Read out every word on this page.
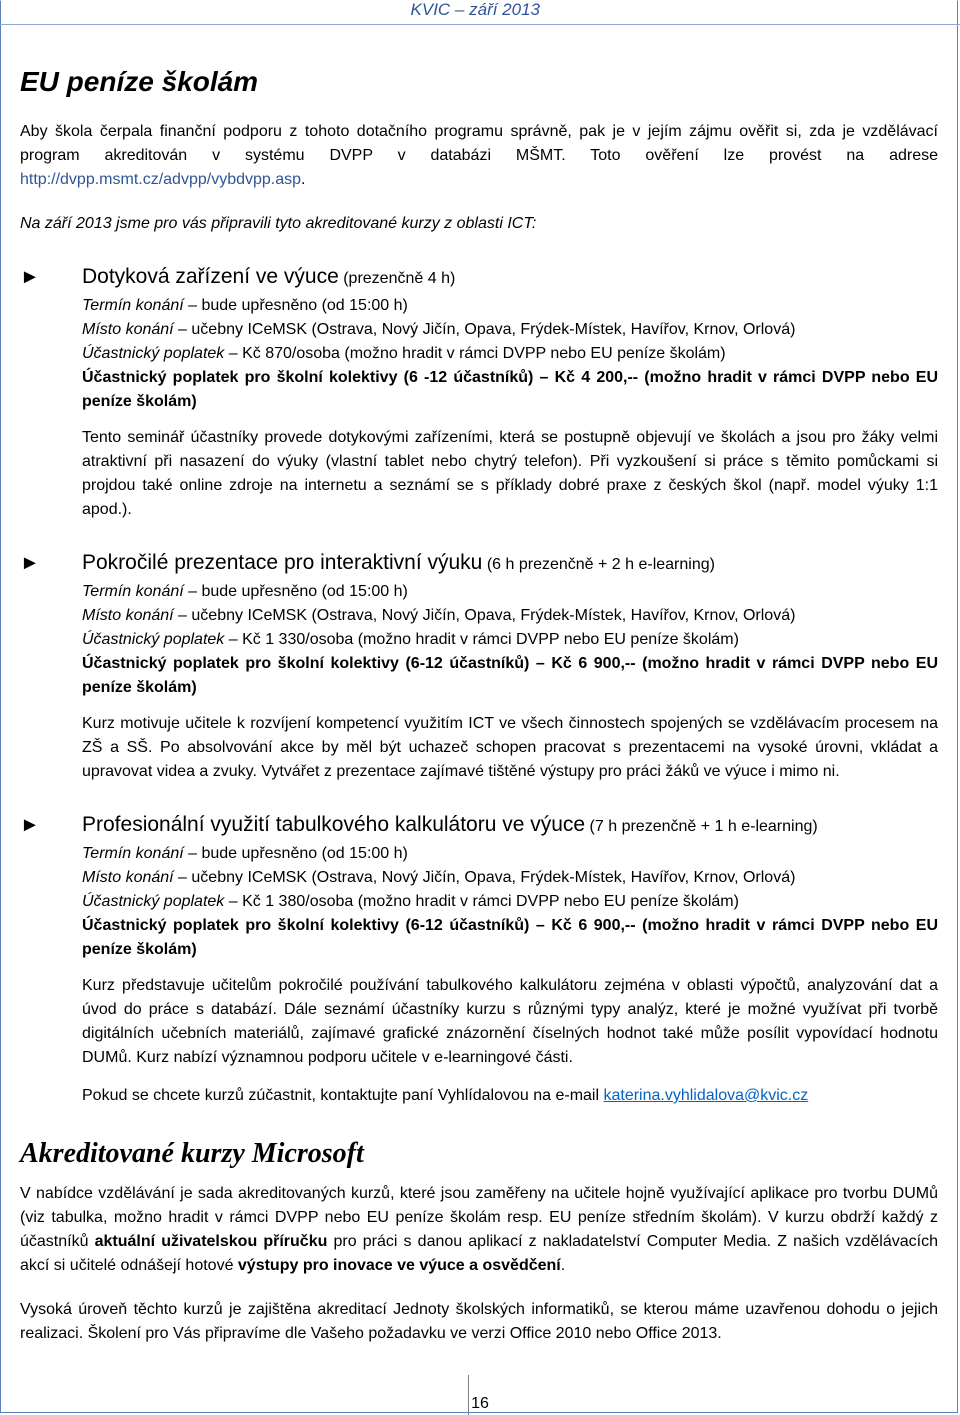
KVIC – září 2013
EU peníze školám

Aby škola čerpala finanční podporu z tohoto dotačního programu správně, pak je v jejím zájmu ověřit si, zda je vzdělávací program akreditován v systému DVPP v databázi MŠMT. Toto ověření lze provést na adrese http://dvpp.msmt.cz/advpp/vybdvpp.asp.

Na září 2013 jsme pro vás připravili tyto akreditované kurzy z oblasti ICT:

► Dotyková zařízení ve výuce (prezenčně 4 h)

Termín konání – bude upřesněno (od 15:00 h)

Místo konání – učebny ICeMSK (Ostrava, Nový Jičín, Opava, Frýdek-Místek, Havířov, Krnov, Orlová)

Účastnický poplatek – Kč 870/osoba (možno hradit v rámci DVPP nebo EU peníze školám)

Účastnický poplatek pro školní kolektivy (6 -12 účastníků) – Kč 4 200,-- (možno hradit v rámci DVPP nebo EU peníze školám)

Tento seminář účastníky provede dotykovými zařízeními, která se postupně objevují ve školách a jsou pro žáky velmi atraktivní při nasazení do výuky (vlastní tablet nebo chytrý telefon). Při vyzkoušení si práce s těmito pomůckami si projdou také online zdroje na internetu a seznámí se s příklady dobré praxe z českých škol (např. model výuky 1:1 apod.).

► Pokročilé prezentace pro interaktivní výuku (6 h prezenčně + 2 h e-learning)

Termín konání – bude upřesněno (od 15:00 h)

Místo konání – učebny ICeMSK (Ostrava, Nový Jičín, Opava, Frýdek-Místek, Havířov, Krnov, Orlová)

Účastnický poplatek – Kč 1 330/osoba (možno hradit v rámci DVPP nebo EU peníze školám)

Účastnický poplatek pro školní kolektivy (6-12 účastníků) – Kč 6 900,-- (možno hradit v rámci DVPP nebo EU peníze školám)

Kurz motivuje učitele k rozvíjení kompetencí využitím ICT ve všech činnostech spojených se vzdělávacím procesem na ZŠ a SŠ. Po absolvování akce by měl být uchazeč schopen pracovat s prezentacemi na vysoké úrovni, vkládat a upravovat videa a zvuky. Vytvářet z prezentace zajímavé tištěné výstupy pro práci žáků ve výuce i mimo ni.

► Profesionální využití tabulkového kalkulátoru ve výuce (7 h prezenčně + 1 h e-learning)

Termín konání – bude upřesněno (od 15:00 h)

Místo konání – učebny ICeMSK (Ostrava, Nový Jičín, Opava, Frýdek-Místek, Havířov, Krnov, Orlová)

Účastnický poplatek – Kč 1 380/osoba (možno hradit v rámci DVPP nebo EU peníze školám)

Účastnický poplatek pro školní kolektivy (6-12 účastníků) – Kč 6 900,-- (možno hradit v rámci DVPP nebo EU peníze školám)

Kurz představuje učitelům pokročilé používání tabulkového kalkulátoru zejména v oblasti výpočtů, analyzování dat a úvod do práce s databází. Dále seznámí účastníky kurzu s různými typy analýz, které je možné využívat při tvorbě digitálních učebních materiálů, zajímavé grafické znázornění číselných hodnot také může posílit vypovídací hodnotu DUMů. Kurz nabízí významnou podporu učitele v e-learningové části.

Pokud se chcete kurzů zúčastnit, kontaktujte paní Vyhlídalovou na e-mail katerina.vyhlidalova@kvic.cz

Akreditované kurzy Microsoft

V nabídce vzdělávání je sada akreditovaných kurzů, které jsou zaměřeny na učitele hojně využívající aplikace pro tvorbu DUMů (viz tabulka, možno hradit v rámci DVPP nebo EU peníze školám resp. EU peníze středním školám). V kurzu obdrží každý z účastníků aktuální uživatelskou příručku pro práci s danou aplikací z nakladatelství Computer Media. Z našich vzdělávacích akcí si učitelé odnášejí hotové výstupy pro inovace ve výuce a osvědčení.

Vysoká úroveň těchto kurzů je zajištěna akreditací Jednoty školských informatiků, se kterou máme uzavřenou dohodu o jejich realizaci. Školení pro Vás připravíme dle Vašeho požadavku ve verzi Office 2010 nebo Office 2013.

16
